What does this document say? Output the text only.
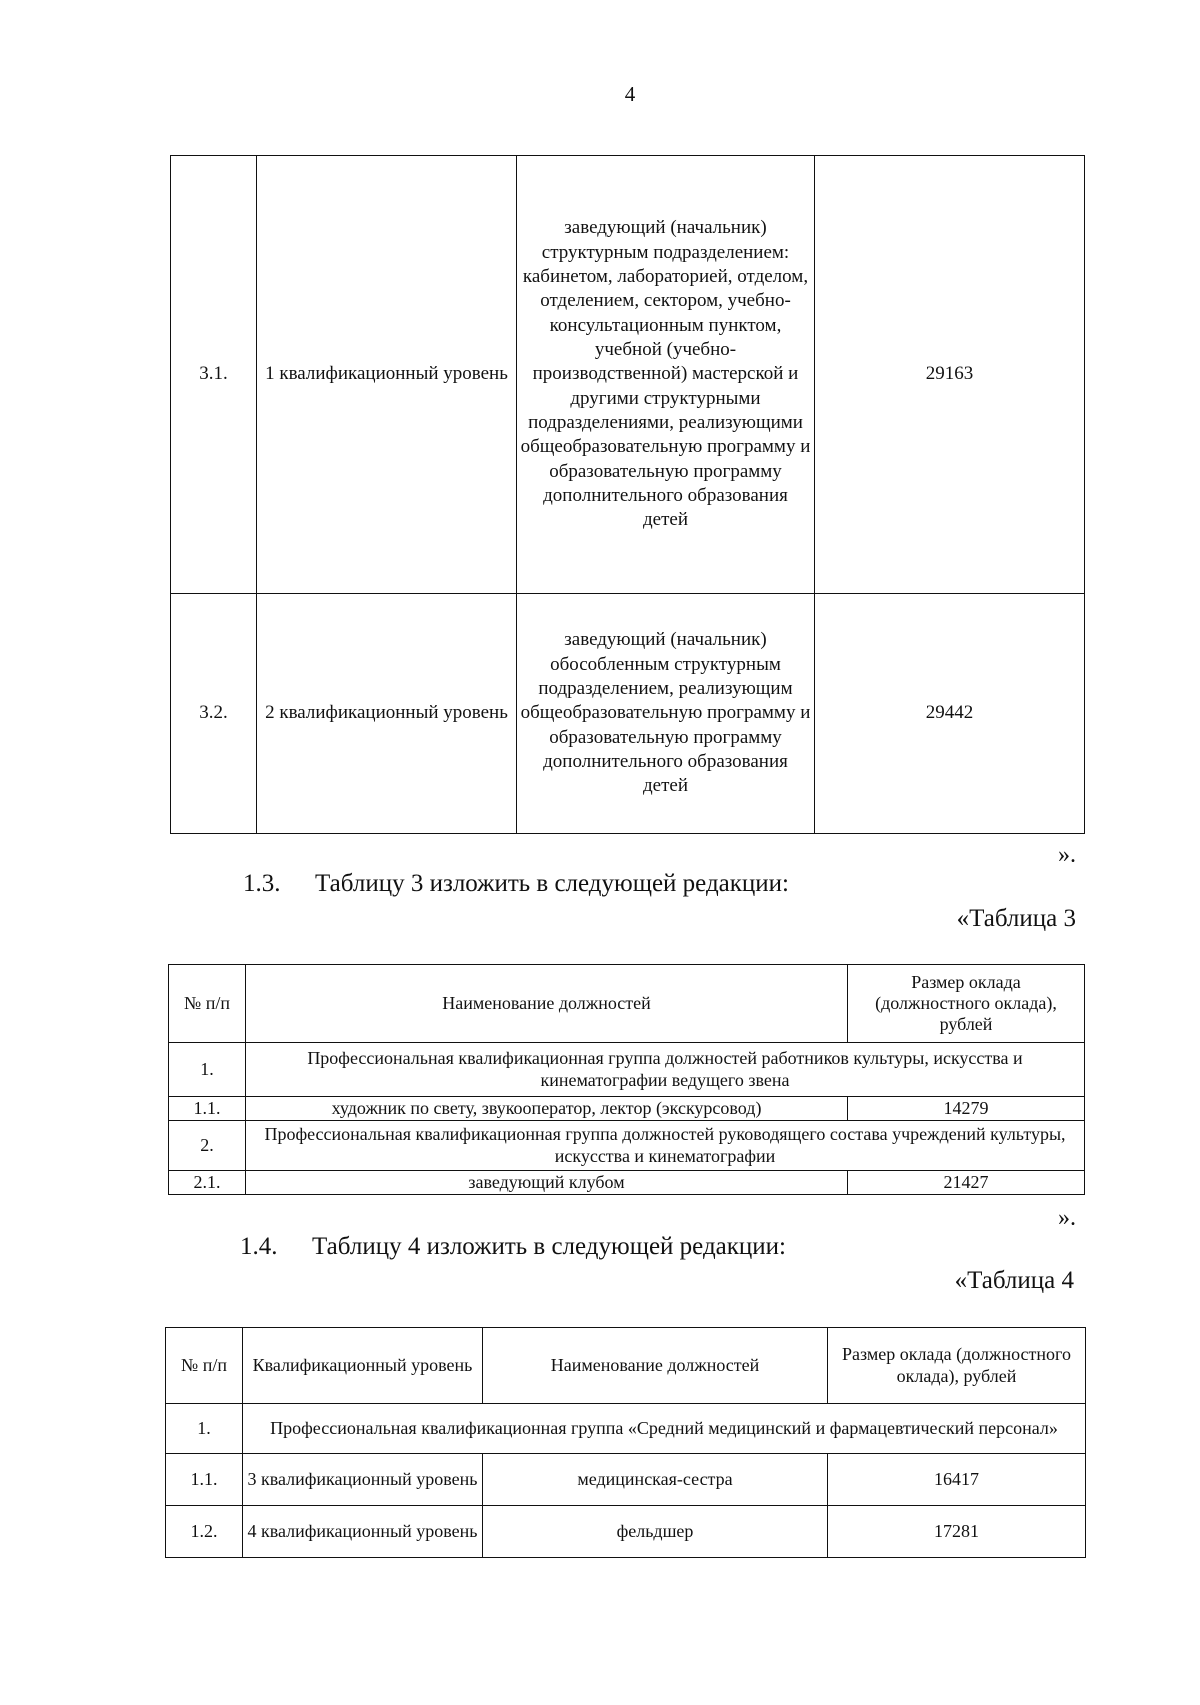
4
3.1.	1 квалификационный уровень	заведующий (начальник) структурным подразделением: кабинетом, лабораторией, отделом, отделением, сектором, учебно-консультационным пунктом, учебной (учебно-производственной) мастерской и другими структурными подразделениями, реализующими общеобразовательную программу и образовательную программу дополнительного образования детей	29163
3.2.	2 квалификационный уровень	заведующий (начальник) обособленным структурным подразделением, реализующим общеобразовательную программу и образовательную программу дополнительного образования детей	29442
».
1.3. Таблицу 3 изложить в следующей редакции:
«Таблица 3
№ п/п	Наименование должностей	Размер оклада (должностного оклада), рублей
1.	Профессиональная квалификационная группа должностей работников культуры, искусства и кинематографии ведущего звена	
1.1.	художник по свету, звукооператор, лектор (экскурсовод)	14279
2.	Профессиональная квалификационная группа должностей руководящего состава учреждений культуры, искусства и кинематографии	
2.1.	заведующий клубом	21427
».
1.4. Таблицу 4 изложить в следующей редакции:
«Таблица 4
№ п/п	Квалификационный уровень	Наименование должностей	Размер оклада (должностного оклада), рублей
1.	Профессиональная квалификационная группа «Средний медицинский и фармацевтический персонал»		
1.1.	3 квалификационный уровень	медицинская-сестра	16417
1.2.	4 квалификационный уровень	фельдшер	17281
